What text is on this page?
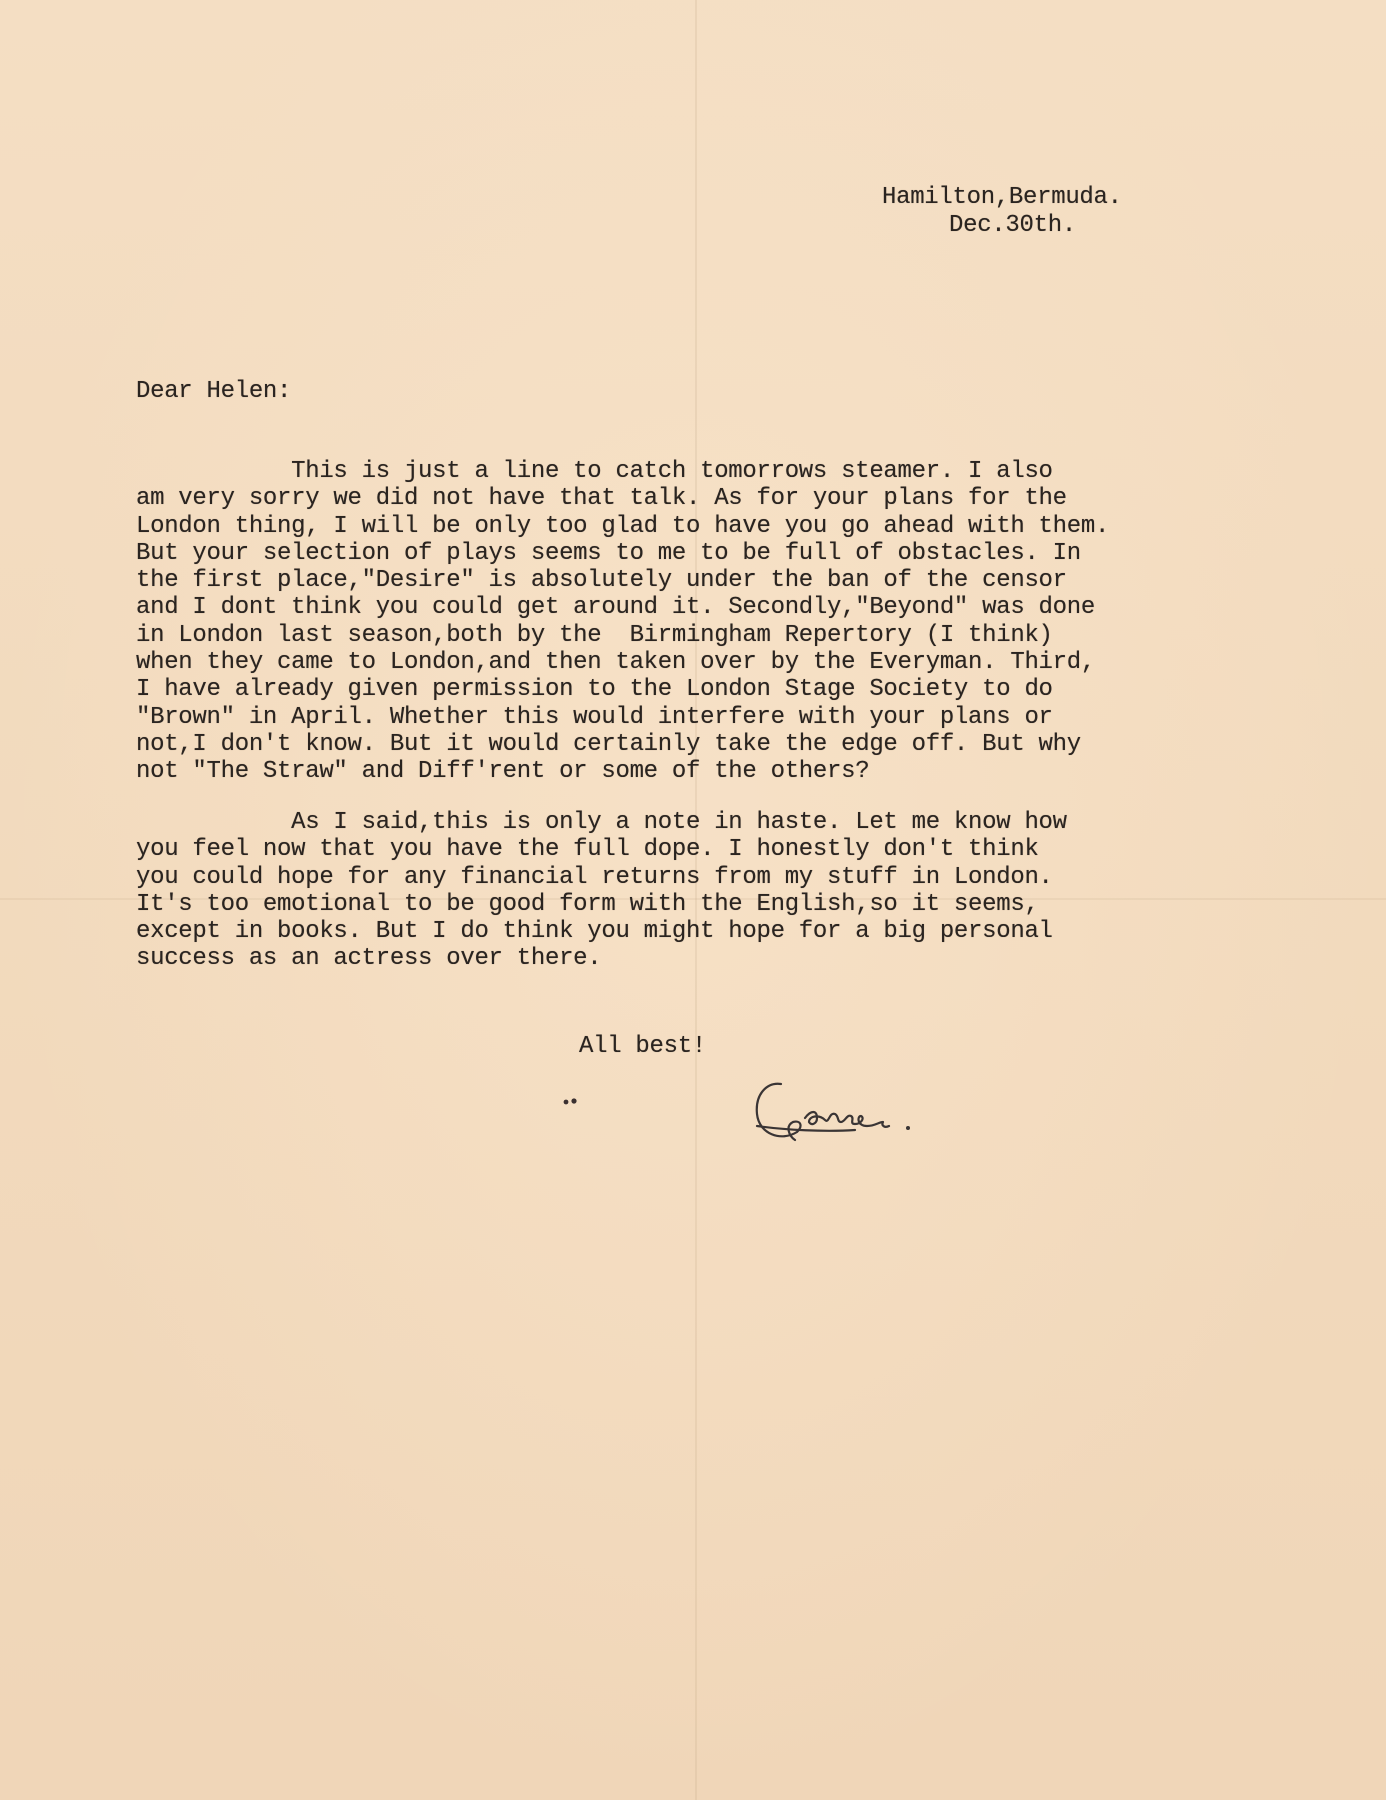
Hamilton,Bermuda.

Dec.30th.

Dear Helen:

This is just a line to catch tomorrows steamer. I also
am very sorry we did not have that talk. As for your plans for the
London thing, I will be only too glad to have you go ahead with them.
But your selection of plays seems to me to be full of obstacles. In
the first place,"Desire" is absolutely under the ban of the censor
and I dont think you could get around it. Secondly,"Beyond" was done
in London last season,both by the  Birmingham Repertory (I think)
when they came to London,and then taken over by the Everyman. Third,
I have already given permission to the London Stage Society to do
"Brown" in April. Whether this would interfere with your plans or
not,I don't know. But it would certainly take the edge off. But why
not "The Straw" and Diff'rent or some of the others?

As I said,this is only a note in haste. Let me know how
you feel now that you have the full dope. I honestly don't think
you could hope for any financial returns from my stuff in London.
It's too emotional to be good form with the English,so it seems,
except in books. But I do think you might hope for a big personal
success as an actress over there.

All best!
